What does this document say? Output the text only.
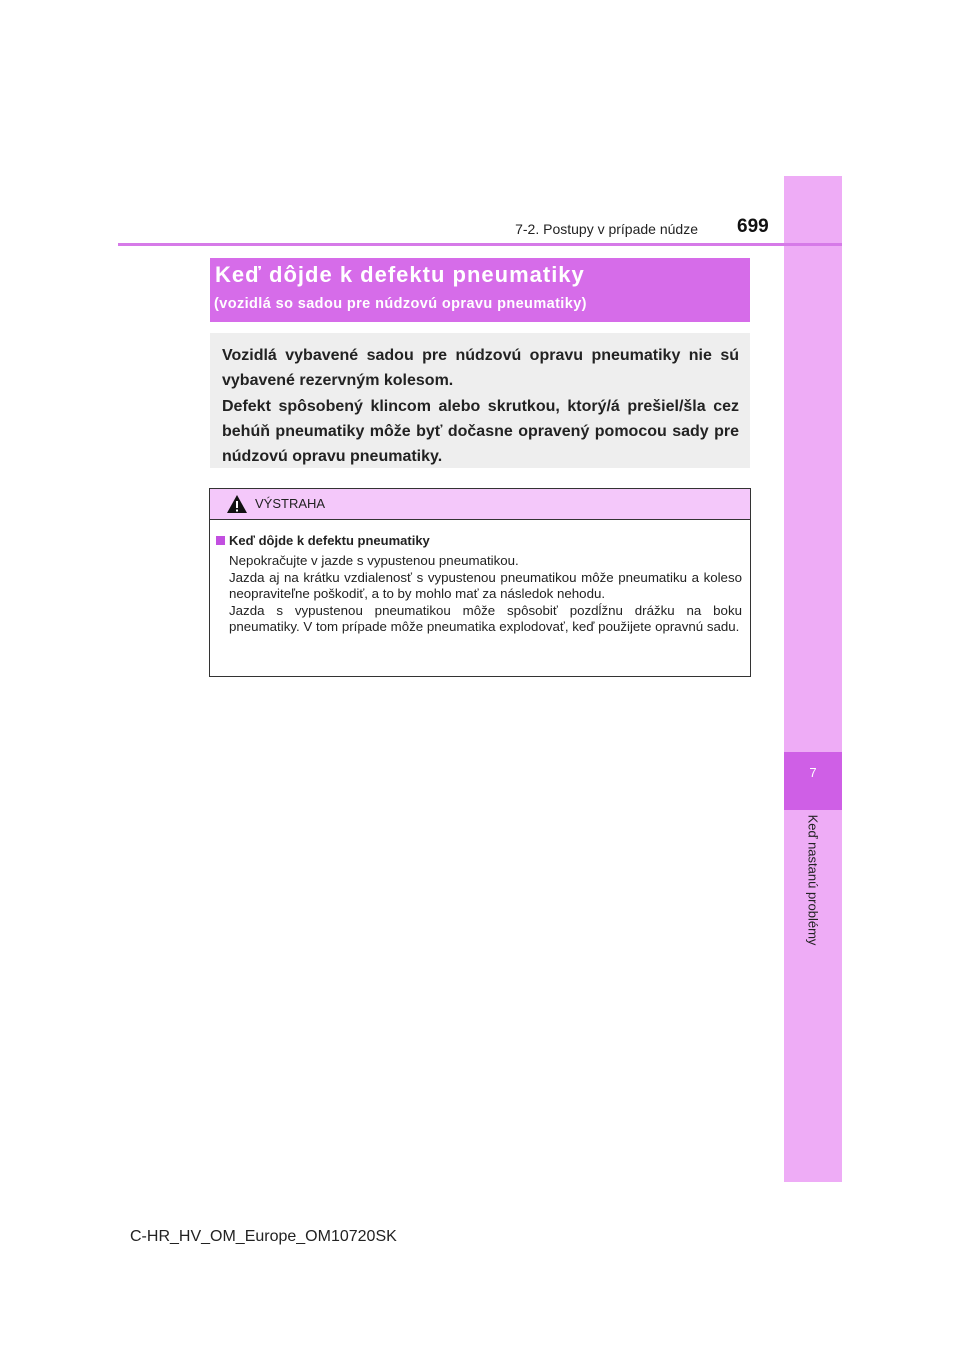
7
Keď nastanú problémy
7-2. Postupy v prípade núdze 699
Keď dôjde k defektu pneumatiky
(vozidlá so sadou pre núdzovú opravu pneumatiky)

Vozidlá vybavené sadou pre núdzovú opravu pneumatiky nie sú vybavené rezervným kolesom.

Defekt spôsobený klincom alebo skrutkou, ktorý/á prešiel/šla cez behúň pneumatiky môže byť dočasne opravený pomocou sady pre núdzovú opravu pneumatiky.

VÝSTRAHA
Keď dôjde k defektu pneumatiky
Nepokračujte v jazde s vypustenou pneumatikou.
Jazda aj na krátku vzdialenosť s vypustenou pneumatikou môže pneumatiku a koleso neopraviteľne poškodiť, a to by mohlo mať za následok nehodu.
Jazda s vypustenou pneumatikou môže spôsobiť pozdĺžnu drážku na boku pneumatiky. V tom prípade môže pneumatika explodovať, keď použijete opravnú sadu.
C-HR_HV_OM_Europe_OM10720SK
